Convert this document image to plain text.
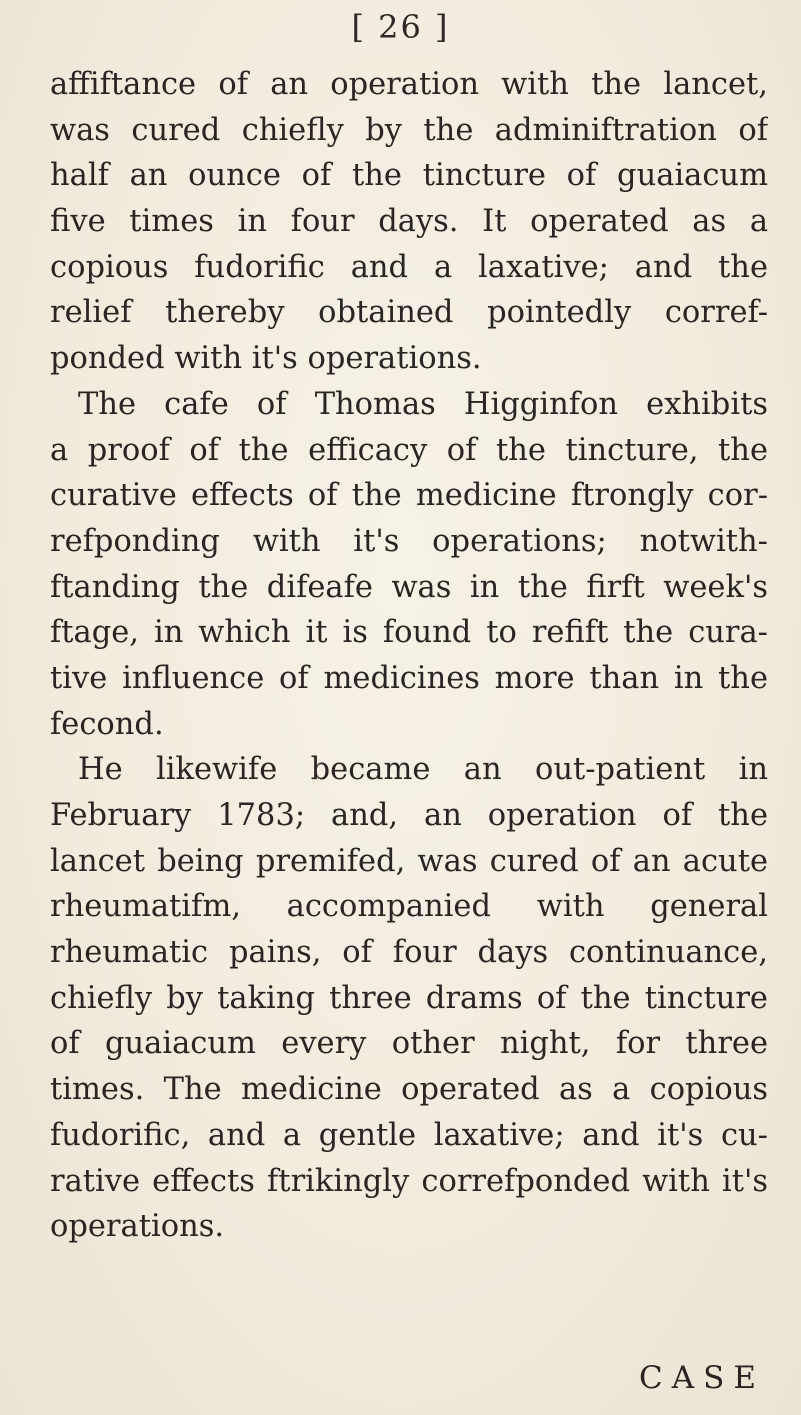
[ 26 ]
affiftance of an operation with the lancet,
was cured chiefly by the adminiftration of
half an ounce of the tincture of guaiacum
five times in four days. It operated as a
copious fudorific and a laxative; and the
relief thereby obtained pointedly corref-
ponded with it's operations.
The cafe of Thomas Higginfon exhibits
a proof of the efficacy of the tincture, the
curative effects of the medicine ftrongly cor-
refponding with it's operations; notwith-
ftanding the difeafe was in the firft week's
ftage, in which it is found to refift the cura-
tive influence of medicines more than in the
fecond.
He likewife became an out-patient in
February 1783; and, an operation of the
lancet being premifed, was cured of an acute
rheumatifm, accompanied with general
rheumatic pains, of four days continuance,
chiefly by taking three drams of the tincture
of guaiacum every other night, for three
times. The medicine operated as a copious
fudorific, and a gentle laxative; and it's cu-
rative effects ftrikingly correfponded with it's
operations.
CASE
